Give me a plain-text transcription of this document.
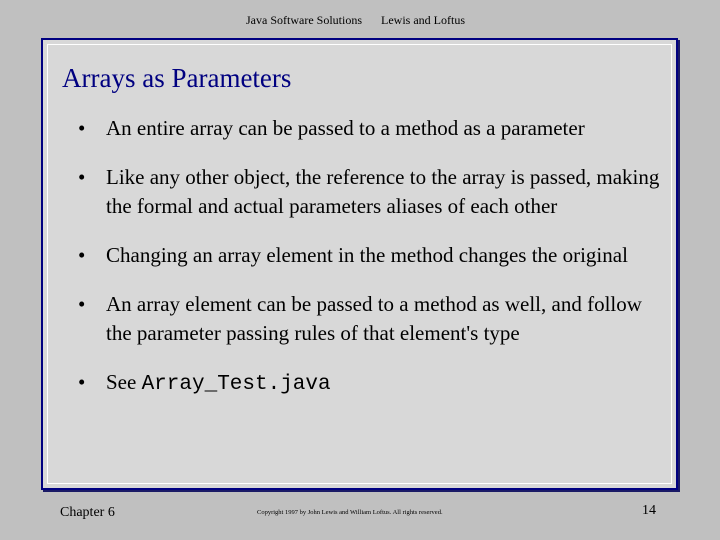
Java Software Solutions Lewis and Loftus
Arrays as Parameters
• An entire array can be passed to a method as a parameter
• Like any other object, the reference to the array is passed, making the formal and actual parameters aliases of each other
• Changing an array element in the method changes the original
• An array element can be passed to a method as well, and follow the parameter passing rules of that element's type
• See Array_Test.java
Chapter 6	Copyright 1997 by John Lewis and William Loftus. All rights reserved.	14
